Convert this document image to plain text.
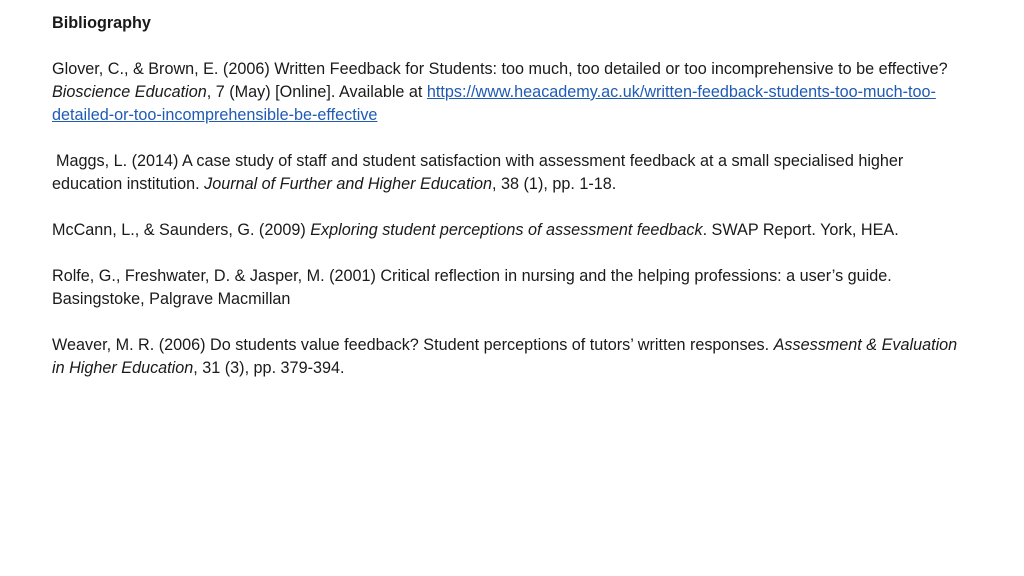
Bibliography

Glover, C., & Brown, E. (2006) Written Feedback for Students: too much, too detailed or too incomprehensive to be effective? Bioscience Education, 7 (May) [Online]. Available at https://www.heacademy.ac.uk/written-feedback-students-too-much-too-detailed-or-too-incomprehensible-be-effective

Maggs, L. (2014) A case study of staff and student satisfaction with assessment feedback at a small specialised higher education institution. Journal of Further and Higher Education, 38 (1), pp. 1-18.

McCann, L., & Saunders, G. (2009) Exploring student perceptions of assessment feedback. SWAP Report. York, HEA.

Rolfe, G., Freshwater, D. & Jasper, M. (2001) Critical reflection in nursing and the helping professions: a user’s guide. Basingstoke, Palgrave Macmillan

Weaver, M. R. (2006) Do students value feedback? Student perceptions of tutors’ written responses. Assessment & Evaluation in Higher Education, 31 (3), pp. 379-394.
